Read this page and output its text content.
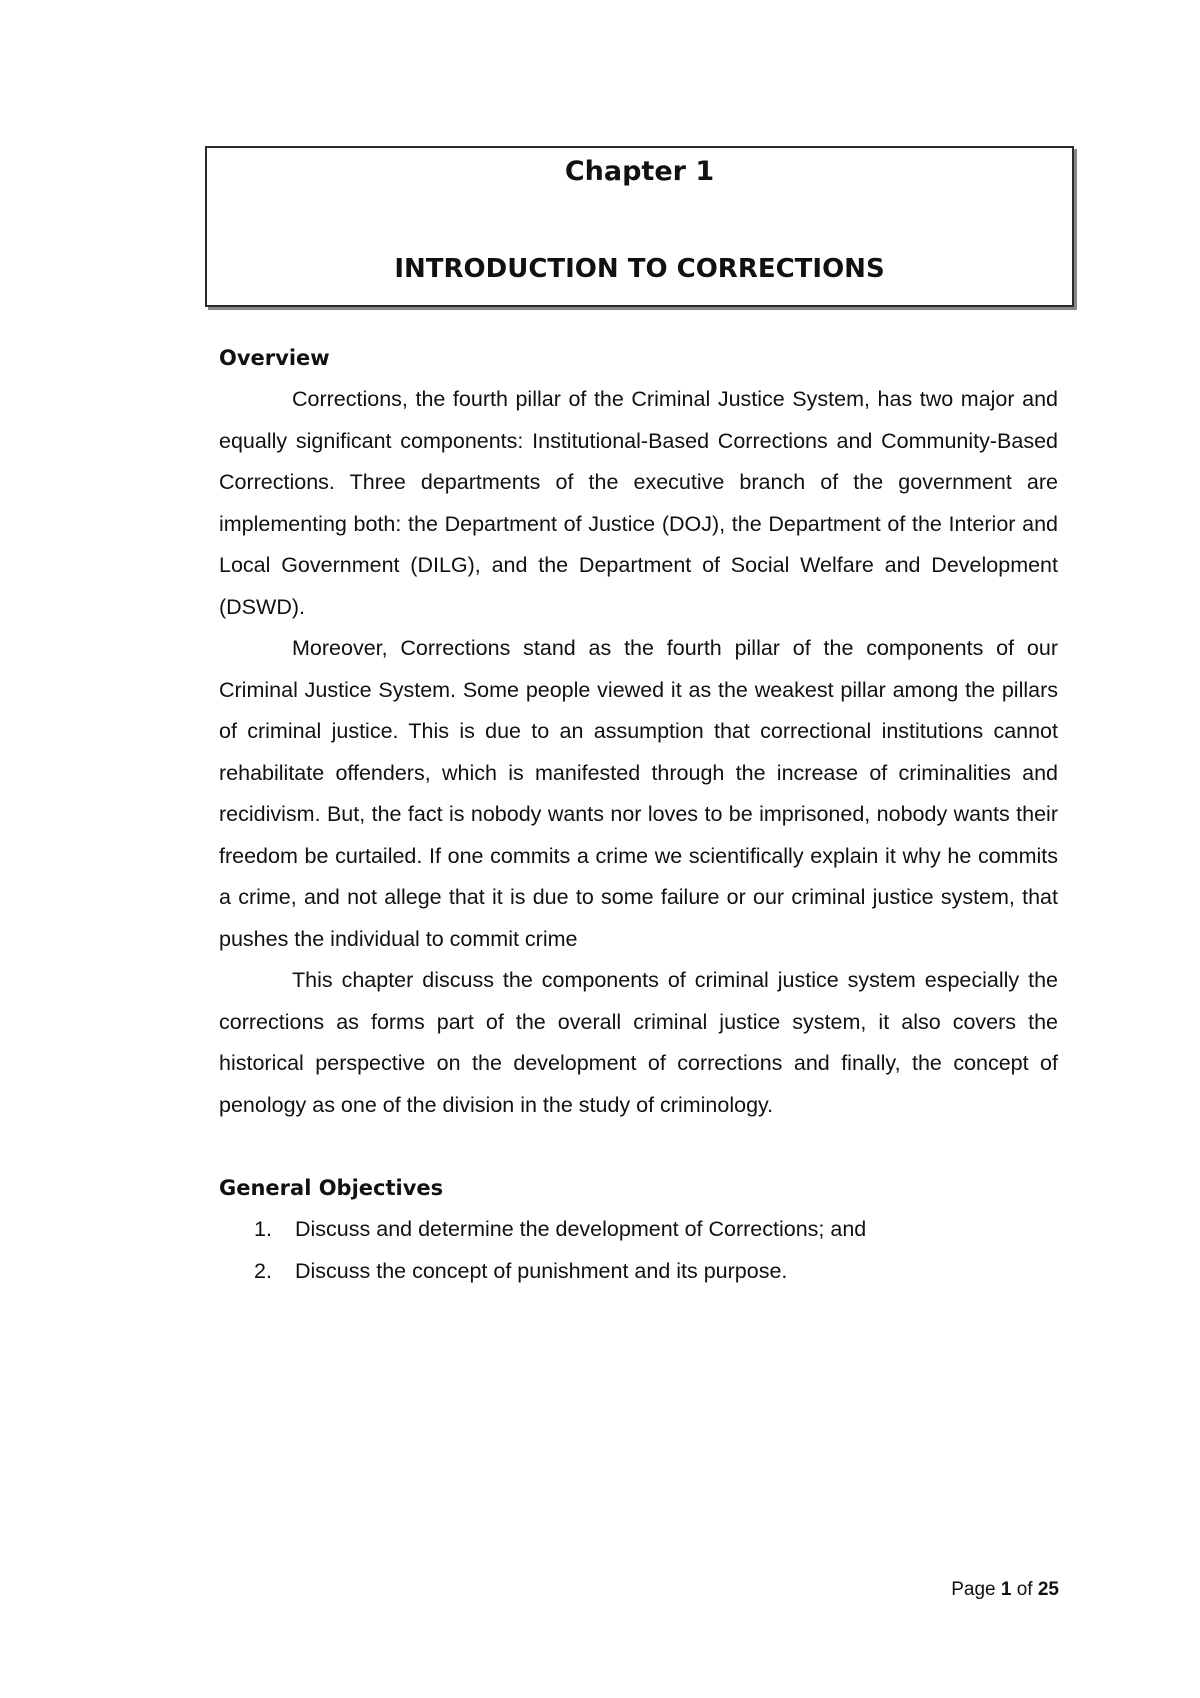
Chapter 1
INTRODUCTION TO CORRECTIONS
Overview

Corrections, the fourth pillar of the Criminal Justice System, has two major and equally significant components: Institutional-Based Corrections and Community-Based Corrections. Three departments of the executive branch of the government are implementing both: the Department of Justice (DOJ), the Department of the Interior and Local Government (DILG), and the Department of Social Welfare and Development (DSWD).

Moreover, Corrections stand as the fourth pillar of the components of our Criminal Justice System. Some people viewed it as the weakest pillar among the pillars of criminal justice. This is due to an assumption that correctional institutions cannot rehabilitate offenders, which is manifested through the increase of criminalities and recidivism. But, the fact is nobody wants nor loves to be imprisoned, nobody wants their freedom be curtailed. If one commits a crime we scientifically explain it why he commits a crime, and not allege that it is due to some failure or our criminal justice system, that pushes the individual to commit crime

This chapter discuss the components of criminal justice system especially the corrections as forms part of the overall criminal justice system, it also covers the historical perspective on the development of corrections and finally, the concept of penology as one of the division in the study of criminology.

General Objectives
1.	Discuss and determine the development of Corrections; and
2.	Discuss the concept of punishment and its purpose.
Page 1 of 25
